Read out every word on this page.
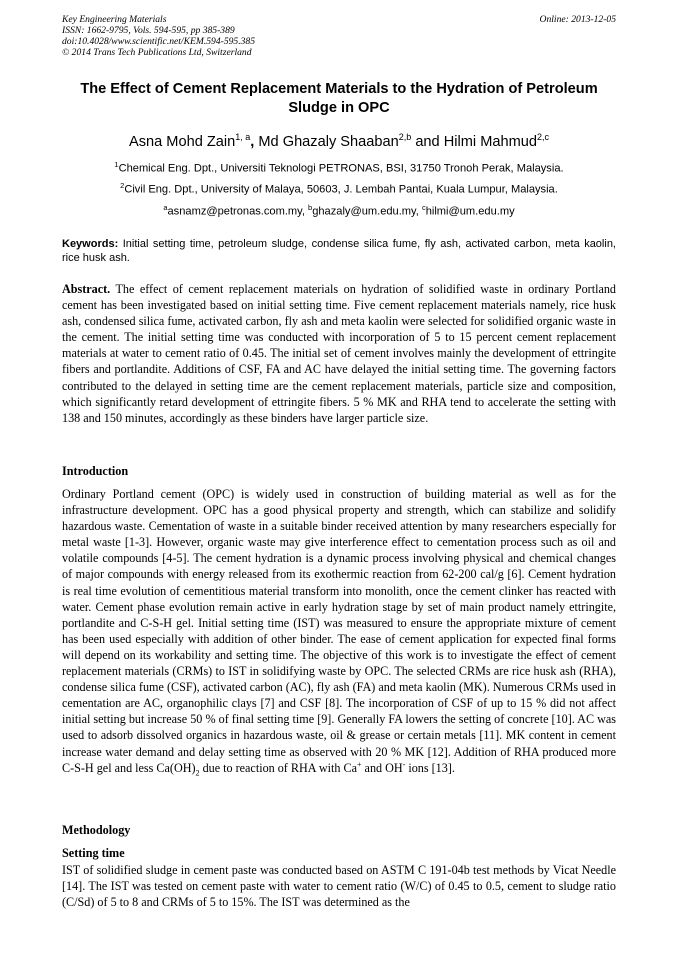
Key Engineering Materials
ISSN: 1662-9795, Vols. 594-595, pp 385-389
doi:10.4028/www.scientific.net/KEM.594-595.385
© 2014 Trans Tech Publications Ltd, Switzerland
Online: 2013-12-05
The Effect of Cement Replacement Materials to the Hydration of Petroleum Sludge in OPC
Asna Mohd Zain$^{1, a}$, Md Ghazaly Shaaban$^{2,b}$ and Hilmi Mahmud$^{2,c}$
$^1$Chemical Eng. Dpt., Universiti Teknologi PETRONAS, BSI, 31750 Tronoh Perak, Malaysia.
$^2$Civil Eng. Dpt., University of Malaya, 50603, J. Lembah Pantai, Kuala Lumpur, Malaysia.
$^a$asnamz@petronas.com.my, $^b$ghazaly@um.edu.my, $^c$hilmi@um.edu.my
Keywords: Initial setting time, petroleum sludge, condense silica fume, fly ash, activated carbon, meta kaolin, rice husk ash.
Abstract. The effect of cement replacement materials on hydration of solidified waste in ordinary Portland cement has been investigated based on initial setting time. Five cement replacement materials namely, rice husk ash, condensed silica fume, activated carbon, fly ash and meta kaolin were selected for solidified organic waste in the cement. The initial setting time was conducted with incorporation of 5 to 15 percent cement replacement materials at water to cement ratio of 0.45. The initial set of cement involves mainly the development of ettringite fibers and portlandite. Additions of CSF, FA and AC have delayed the initial setting time. The governing factors contributed to the delayed in setting time are the cement replacement materials, particle size and composition, which significantly retard development of ettringite fibers. 5 % MK and RHA tend to accelerate the setting with 138 and 150 minutes, accordingly as these binders have larger particle size.
Introduction
Ordinary Portland cement (OPC) is widely used in construction of building material as well as for the infrastructure development. OPC has a good physical property and strength, which can stabilize and solidify hazardous waste. Cementation of waste in a suitable binder received attention by many researchers especially for metal waste [1-3]. However, organic waste may give interference effect to cementation process such as oil and volatile compounds [4-5]. The cement hydration is a dynamic process involving physical and chemical changes of major compounds with energy released from its exothermic reaction from 62-200 cal/g [6]. Cement hydration is real time evolution of cementitious material transform into monolith, once the cement clinker has reacted with water. Cement phase evolution remain active in early hydration stage by set of main product namely ettringite, portlandite and C-S-H gel. Initial setting time (IST) was measured to ensure the appropriate mixture of cement has been used especially with addition of other binder. The ease of cement application for expected final forms will depend on its workability and setting time. The objective of this work is to investigate the effect of cement replacement materials (CRMs) to IST in solidifying waste by OPC. The selected CRMs are rice husk ash (RHA), condense silica fume (CSF), activated carbon (AC), fly ash (FA) and meta kaolin (MK). Numerous CRMs used in cementation are AC, organophilic clays [7] and CSF [8]. The incorporation of CSF of up to 15 % did not affect initial setting but increase 50 % of final setting time [9]. Generally FA lowers the setting of concrete [10]. AC was used to adsorb dissolved organics in hazardous waste, oil & grease or certain metals [11]. MK content in cement increase water demand and delay setting time as observed with 20 % MK [12]. Addition of RHA produced more C-S-H gel and less $Ca(OH)_2$ due to reaction of RHA with Ca+ and OH- ions [13].
Methodology
Setting time
IST of solidified sludge in cement paste was conducted based on ASTM C 191-04b test methods by Vicat Needle [14]. The IST was tested on cement paste with water to cement ratio (W/C) of 0.45 to 0.5, cement to sludge ratio (C/Sd) of 5 to 8 and CRMs of 5 to 15%. The IST was determined as the
